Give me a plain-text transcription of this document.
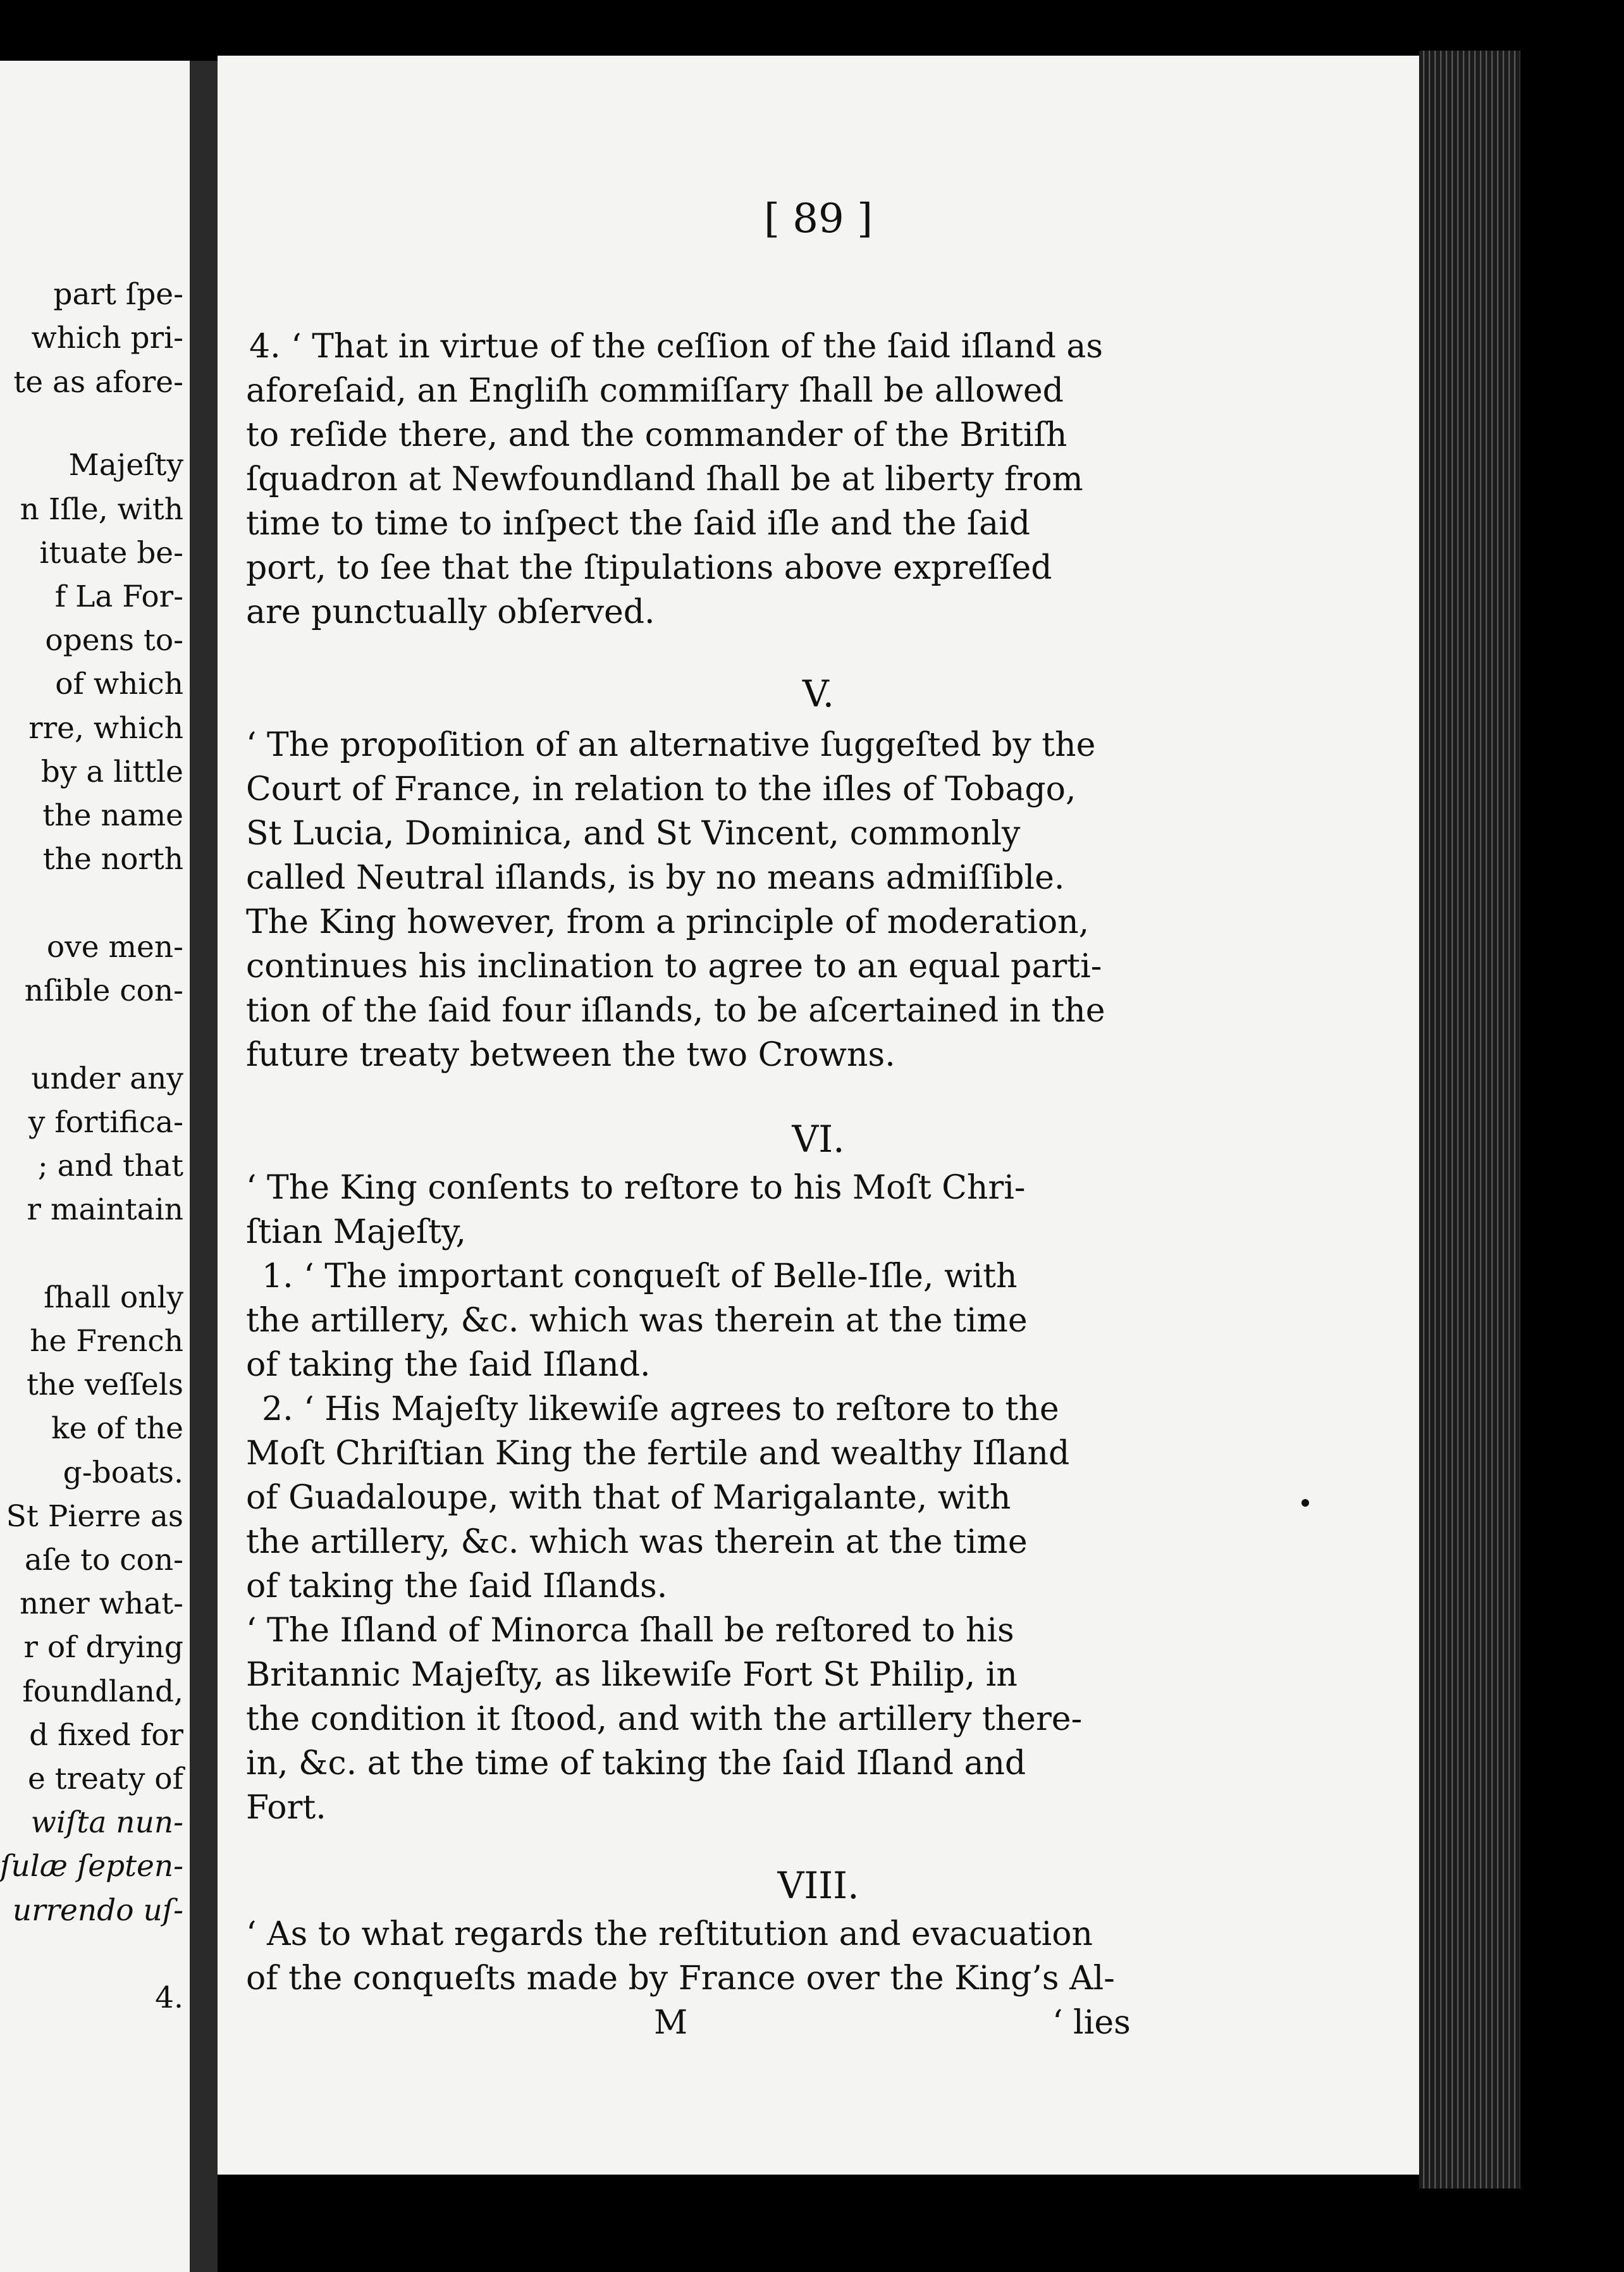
part ſpe-
which pri-
te as afore-
Majeſty
n Iſle, with
ituate be-
f La For-
opens to-
of which
rre, which
by a little
the name
the north
ove men-
nſible con-
under any
y fortifica-
; and that
r maintain
ſhall only
he French
the veſſels
ke of the
g-boats.
St Pierre as
aſe to con-
nner what-
r of drying
foundland,
d fixed for
e treaty of
wiſta nun-
ſulæ ſepten-
urrendo uſ-
4.
[ 89 ]
4. ‘ That in virtue of the ceſſion of the ſaid iſland as
aforeſaid, an Engliſh commiſſary ſhall be allowed
to reſide there, and the commander of the Britiſh
ſquadron at Newfoundland ſhall be at liberty from
time to time to inſpect the ſaid iſle and the ſaid
port, to ſee that the ſtipulations above expreſſed
are punctually obſerved.
V.
‘ The propoſition of an alternative ſuggeſted by the
Court of France, in relation to the iſles of Tobago,
St Lucia, Dominica, and St Vincent, commonly
called Neutral iſlands, is by no means admiſſible.
The King however, from a principle of moderation,
continues his inclination to agree to an equal parti-
tion of the ſaid four iſlands, to be aſcertained in the
future treaty between the two Crowns.
VI.
‘ The King conſents to reſtore to his Moſt Chri-
ſtian Majeſty,
1. ‘ The important conqueſt of Belle-Iſle, with
the artillery, &c. which was therein at the time
of taking the ſaid Iſland.
2. ‘ His Majeſty likewiſe agrees to reſtore to the
Moſt Chriſtian King the fertile and wealthy Iſland
of Guadaloupe, with that of Marigalante, with
the artillery, &c. which was therein at the time
of taking the ſaid Iſlands.
‘ The Iſland of Minorca ſhall be reſtored to his
Britannic Majeſty, as likewiſe Fort St Philip, in
the condition it ſtood, and with the artillery there-
in, &c. at the time of taking the ſaid Iſland and
Fort.
VIII.
‘ As to what regards the reſtitution and evacuation
of the conqueſts made by France over the King’s Al-
M	‘ lies
